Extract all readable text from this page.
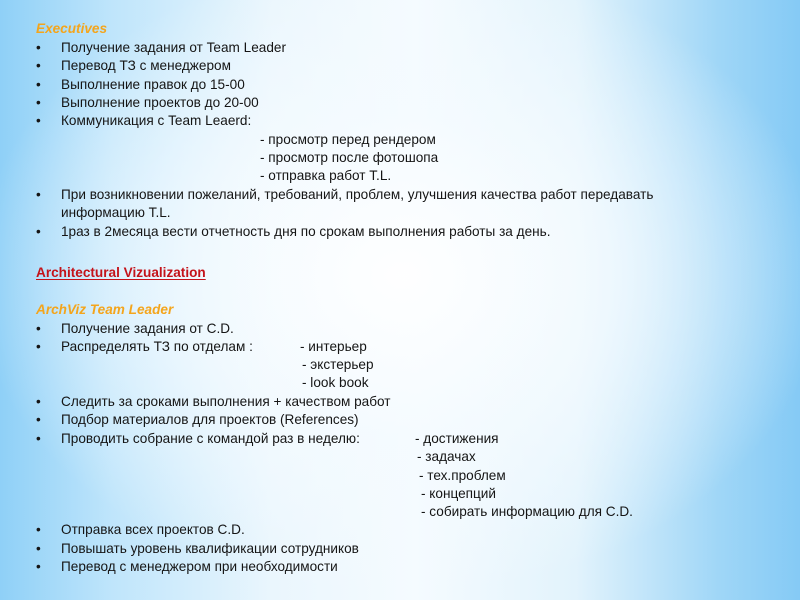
Executives
•	Получение задания от Team Leader
•	Перевод ТЗ с менеджером
•	Выполнение правок до 15-00
•	Выполнение проектов до 20-00
•	Коммуникация с Team Leaerd:
- просмотр перед рендером
- просмотр после фотошопа
- отправка работ T.L.
•	При возникновении пожеланий, требований, проблем, улучшения качества работ передавать
информацию T.L.
•	1раз в 2месяца вести отчетность дня по срокам выполнения работы за день.
Architectural Vizualization
ArchViz Team Leader
•	Получение задания от C.D.
•	Распределять ТЗ по отделам :	- интерьер
- экстерьер
- look book
•	Следить за сроками выполнения + качеством работ
•	Подбор материалов для проектов (References)
•	Проводить собрание с командой раз в неделю:	- достижения
- задачах
- тех.проблем
- концепций
- собирать информацию для C.D.
•	Отправка всех проектов C.D.
•	Повышать уровень квалификации сотрудников
•	Перевод с менеджером при необходимости
